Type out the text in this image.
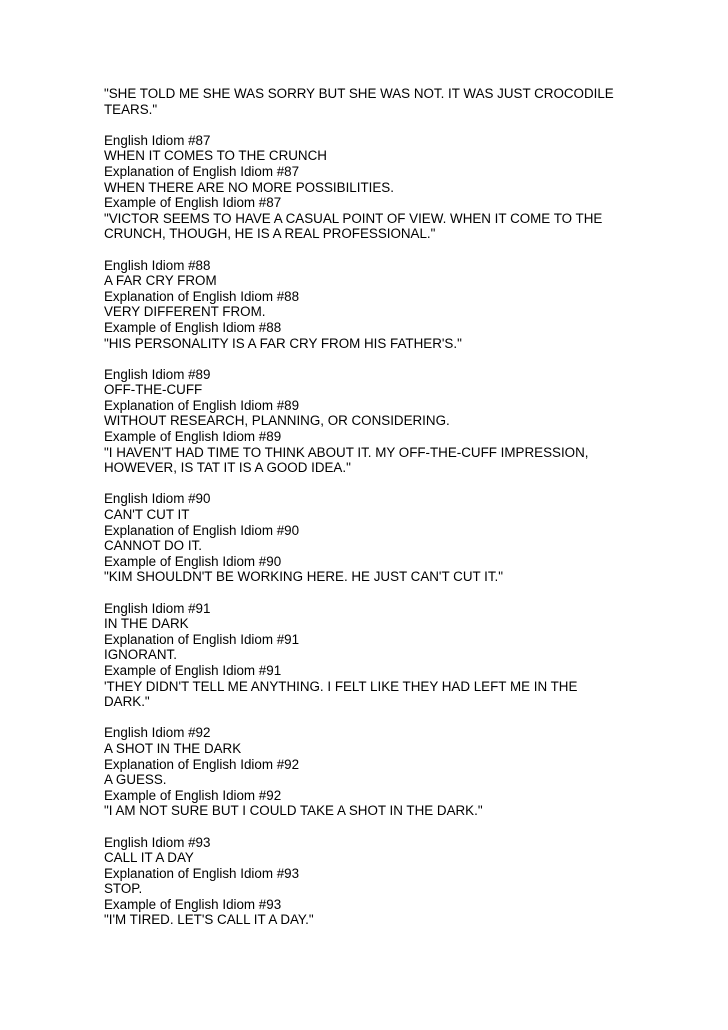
"SHE TOLD ME SHE WAS SORRY BUT SHE WAS NOT. IT WAS JUST CROCODILE
TEARS."
English Idiom #87
WHEN IT COMES TO THE CRUNCH
Explanation of English Idiom #87
WHEN THERE ARE NO MORE POSSIBILITIES.
Example of English Idiom #87
"VICTOR SEEMS TO HAVE A CASUAL POINT OF VIEW. WHEN IT COME TO THE
CRUNCH, THOUGH, HE IS A REAL PROFESSIONAL."
English Idiom #88
A FAR CRY FROM
Explanation of English Idiom #88
VERY DIFFERENT FROM.
Example of English Idiom #88
"HIS PERSONALITY IS A FAR CRY FROM HIS FATHER'S."
English Idiom #89
OFF-THE-CUFF
Explanation of English Idiom #89
WITHOUT RESEARCH, PLANNING, OR CONSIDERING.
Example of English Idiom #89
"I HAVEN'T HAD TIME TO THINK ABOUT IT. MY OFF-THE-CUFF IMPRESSION,
HOWEVER, IS TAT IT IS A GOOD IDEA."
English Idiom #90
CAN'T CUT IT
Explanation of English Idiom #90
CANNOT DO IT.
Example of English Idiom #90
"KIM SHOULDN'T BE WORKING HERE. HE JUST CAN'T CUT IT."
English Idiom #91
IN THE DARK
Explanation of English Idiom #91
IGNORANT.
Example of English Idiom #91
'THEY DIDN'T TELL ME ANYTHING. I FELT LIKE THEY HAD LEFT ME IN THE
DARK."
English Idiom #92
A SHOT IN THE DARK
Explanation of English Idiom #92
A GUESS.
Example of English Idiom #92
"I AM NOT SURE BUT I COULD TAKE A SHOT IN THE DARK."
English Idiom #93
CALL IT A DAY
Explanation of English Idiom #93
STOP.
Example of English Idiom #93
"I'M TIRED. LET'S CALL IT A DAY."
